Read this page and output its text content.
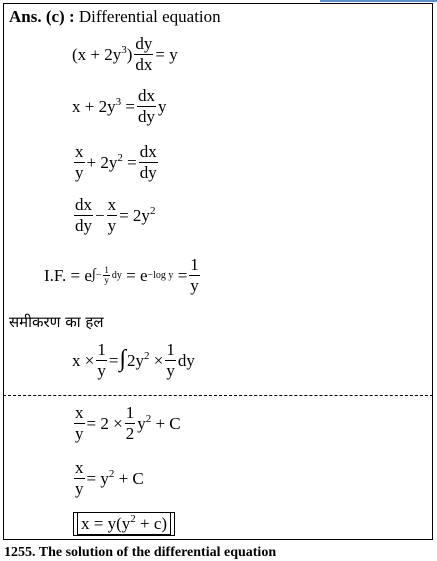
Ans. (c) : Differential equation
$(x + 2y^3) \frac{dy}{dx} = y$
$x + 2y^3 = \frac{dx}{dy}$ y
$\frac{x}{y} + 2y^2 = \frac{dx}{dy}$
$\frac{dx}{dy} - \frac{x}{y} = 2y^2$
I.F. = e ∫− $\frac{1}{y}$ dy = e −log $y = \frac{1}{y}$
समीकरण का हल
$x \times \frac{1}{y}$ = ∫ $2y^2 \times \frac{1}{y}$ dy
$\frac{x}{y} = 2 \times \frac{1}{2} y^2 + C$
$\frac{x}{y} = y^2 + C$
$x = y(y^2 + c)$
1255. The solution of the differential equation
